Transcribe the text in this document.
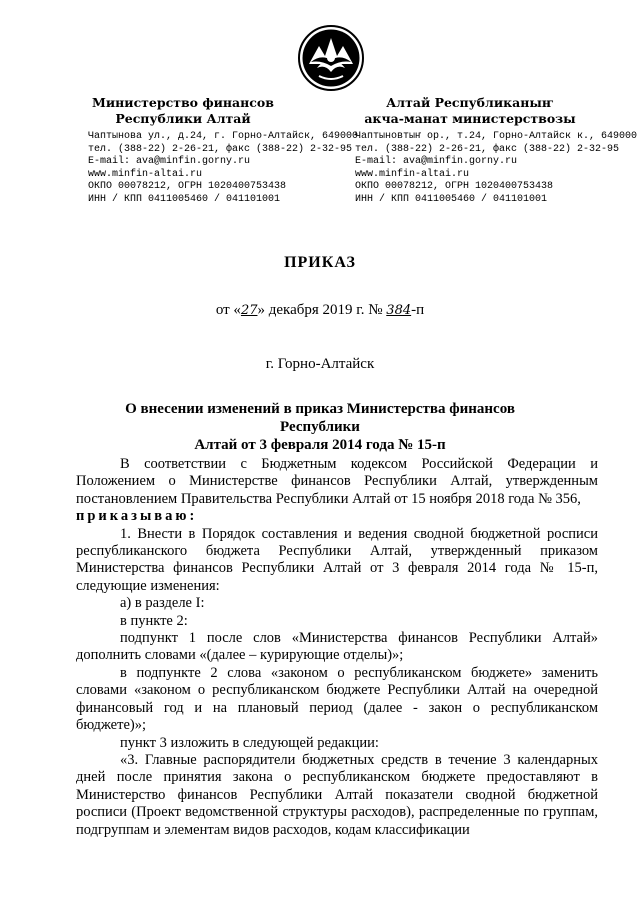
Министерство финансов
Республики Алтай
Чаптынова ул., д.24, г. Горно-Алтайск, 649000
тел. (388-22) 2-26-21, факс (388-22) 2-32-95
E-mail: ava@minfin.gorny.ru
www.minfin-altai.ru
ОКПО 00078212, ОГРН 1020400753438
ИНН / КПП 0411005460 / 041101001
Алтай Республиканыҥ
акча-манат министерствозы
Чаптыновтыҥ ор., т.24, Горно-Алтайск к., 649000
тел. (388-22) 2-26-21, факс (388-22) 2-32-95
E-mail: ava@minfin.gorny.ru
www.minfin-altai.ru
ОКПО 00078212, ОГРН 1020400753438
ИНН / КПП 0411005460 / 041101001
ПРИКАЗ
от «27» декабря 2019 г. № 384-п
г. Горно-Алтайск
О внесении изменений в приказ Министерства финансов Республики
Алтай от 3 февраля 2014 года № 15-п

В соответствии с Бюджетным кодексом Российской Федерации и Положением о Министерстве финансов Республики Алтай, утвержденным постановлением Правительства Республики Алтай от 15 ноября 2018 года № 356,

приказываю:

1. Внести в Порядок составления и ведения сводной бюджетной росписи республиканского бюджета Республики Алтай, утвержденный приказом Министерства финансов Республики Алтай от 3 февраля 2014 года № 15-п, следующие изменения:

а) в разделе I:

в пункте 2:

подпункт 1 после слов «Министерства финансов Республики Алтай» дополнить словами «(далее – курирующие отделы)»;

в подпункте 2 слова «законом о республиканском бюджете» заменить словами «законом о республиканском бюджете Республики Алтай на очередной финансовый год и на плановый период (далее - закон о республиканском бюджете)»;

пункт 3 изложить в следующей редакции:

«3. Главные распорядители бюджетных средств в течение 3 календарных дней после принятия закона о республиканском бюджете предоставляют в Министерство финансов Республики Алтай показатели сводной бюджетной росписи (Проект ведомственной структуры расходов), распределенные по группам, подгруппам и элементам видов расходов, кодам классификации
